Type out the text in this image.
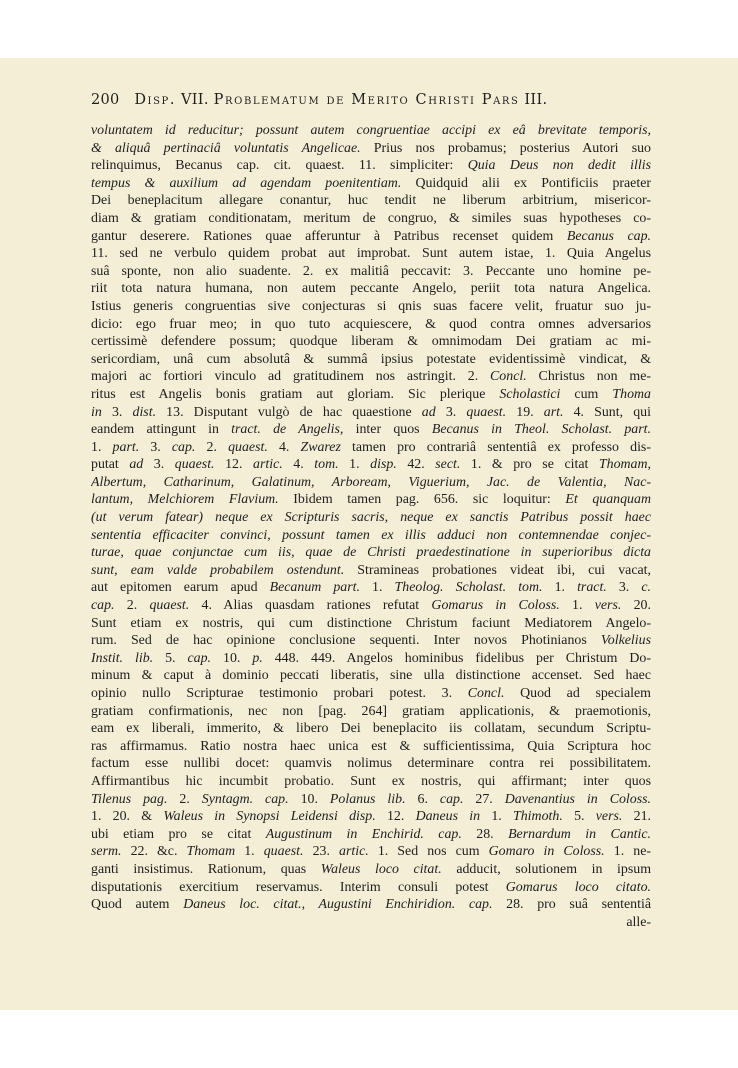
200 Disp. VII. Problematum de Merito Christi Pars III.
voluntatem id reducitur; possunt autem congruentiae accipi ex eâ brevitate temporis,
& aliquâ pertinaciâ voluntatis Angelicae. Prius nos probamus; posterius Autori suo
relinquimus, Becanus cap. cit. quaest. 11. simpliciter: Quia Deus non dedit illis
tempus & auxilium ad agendam poenitentiam. Quidquid alii ex Pontificiis praeter
Dei beneplacitum allegare conantur, huc tendit ne liberum arbitrium, misericor-
diam & gratiam conditionatam, meritum de congruo, & similes suas hypotheses co-
gantur deserere. Rationes quae afferuntur à Patribus recenset quidem Becanus cap.
11. sed ne verbulo quidem probat aut improbat. Sunt autem istae, 1. Quia Angelus
suâ sponte, non alio suadente. 2. ex malitiâ peccavit: 3. Peccante uno homine pe-
riit tota natura humana, non autem peccante Angelo, periit tota natura Angelica.
Istius generis congruentias sive conjecturas si qnis suas facere velit, fruatur suo ju-
dicio: ego fruar meo; in quo tuto acquiescere, & quod contra omnes adversarios
certissimè defendere possum; quodque liberam & omnimodam Dei gratiam ac mi-
sericordiam, unâ cum absolutâ & summâ ipsius potestate evidentissimè vindicat, &
majori ac fortiori vinculo ad gratitudinem nos astringit. 2. Concl. Christus non me-
ritus est Angelis bonis gratiam aut gloriam. Sic plerique Scholastici cum Thoma
in 3. dist. 13. Disputant vulgò de hac quaestione ad 3. quaest. 19. art. 4. Sunt, qui
eandem attingunt in tract. de Angelis, inter quos Becanus in Theol. Scholast. part.
1. part. 3. cap. 2. quaest. 4. Zwarez tamen pro contrariâ sententiâ ex professo dis-
putat ad 3. quaest. 12. artic. 4. tom. 1. disp. 42. sect. 1. & pro se citat Thomam,
Albertum, Catharinum, Galatinum, Arboream, Viguerium, Jac. de Valentia, Nac-
lantum, Melchiorem Flavium. Ibidem tamen pag. 656. sic loquitur: Et quanquam
(ut verum fatear) neque ex Scripturis sacris, neque ex sanctis Patribus possit haec
sententia efficaciter convinci, possunt tamen ex illis adduci non contemnendae conjec-
turae, quae conjunctae cum iis, quae de Christi praedestinatione in superioribus dicta
sunt, eam valde probabilem ostendunt. Stramineas probationes videat ibi, cui vacat,
aut epitomen earum apud Becanum part. 1. Theolog. Scholast. tom. 1. tract. 3. c.
cap. 2. quaest. 4. Alias quasdam rationes refutat Gomarus in Coloss. 1. vers. 20.
Sunt etiam ex nostris, qui cum distinctione Christum faciunt Mediatorem Angelo-
rum. Sed de hac opinione conclusione sequenti. Inter novos Photinianos Volkelius
Instit. lib. 5. cap. 10. p. 448. 449. Angelos hominibus fidelibus per Christum Do-
minum & caput à dominio peccati liberatis, sine ulla distinctione accenset. Sed haec
opinio nullo Scripturae testimonio probari potest. 3. Concl. Quod ad specialem
gratiam confirmationis, nec non [pag. 264] gratiam applicationis, & praemotionis,
eam ex liberali, immerito, & libero Dei beneplacito iis collatam, secundum Scriptu-
ras affirmamus. Ratio nostra haec unica est & sufficientissima, Quia Scriptura hoc
factum esse nullibi docet: quamvis nolimus determinare contra rei possibilitatem.
Affirmantibus hic incumbit probatio. Sunt ex nostris, qui affirmant; inter quos
Tilenus pag. 2. Syntagm. cap. 10. Polanus lib. 6. cap. 27. Davenantius in Coloss.
1. 20. & Waleus in Synopsi Leidensi disp. 12. Daneus in 1. Thimoth. 5. vers. 21.
ubi etiam pro se citat Augustinum in Enchirid. cap. 28. Bernardum in Cantic.
serm. 22. &c. Thomam 1. quaest. 23. artic. 1. Sed nos cum Gomaro in Coloss. 1. ne-
ganti insistimus. Rationum, quas Waleus loco citat. adducit, solutionem in ipsum
disputationis exercitium reservamus. Interim consuli potest Gomarus loco citato.
Quod autem Daneus loc. citat., Augustini Enchiridion. cap. 28. pro suâ sententiâ
alle-
